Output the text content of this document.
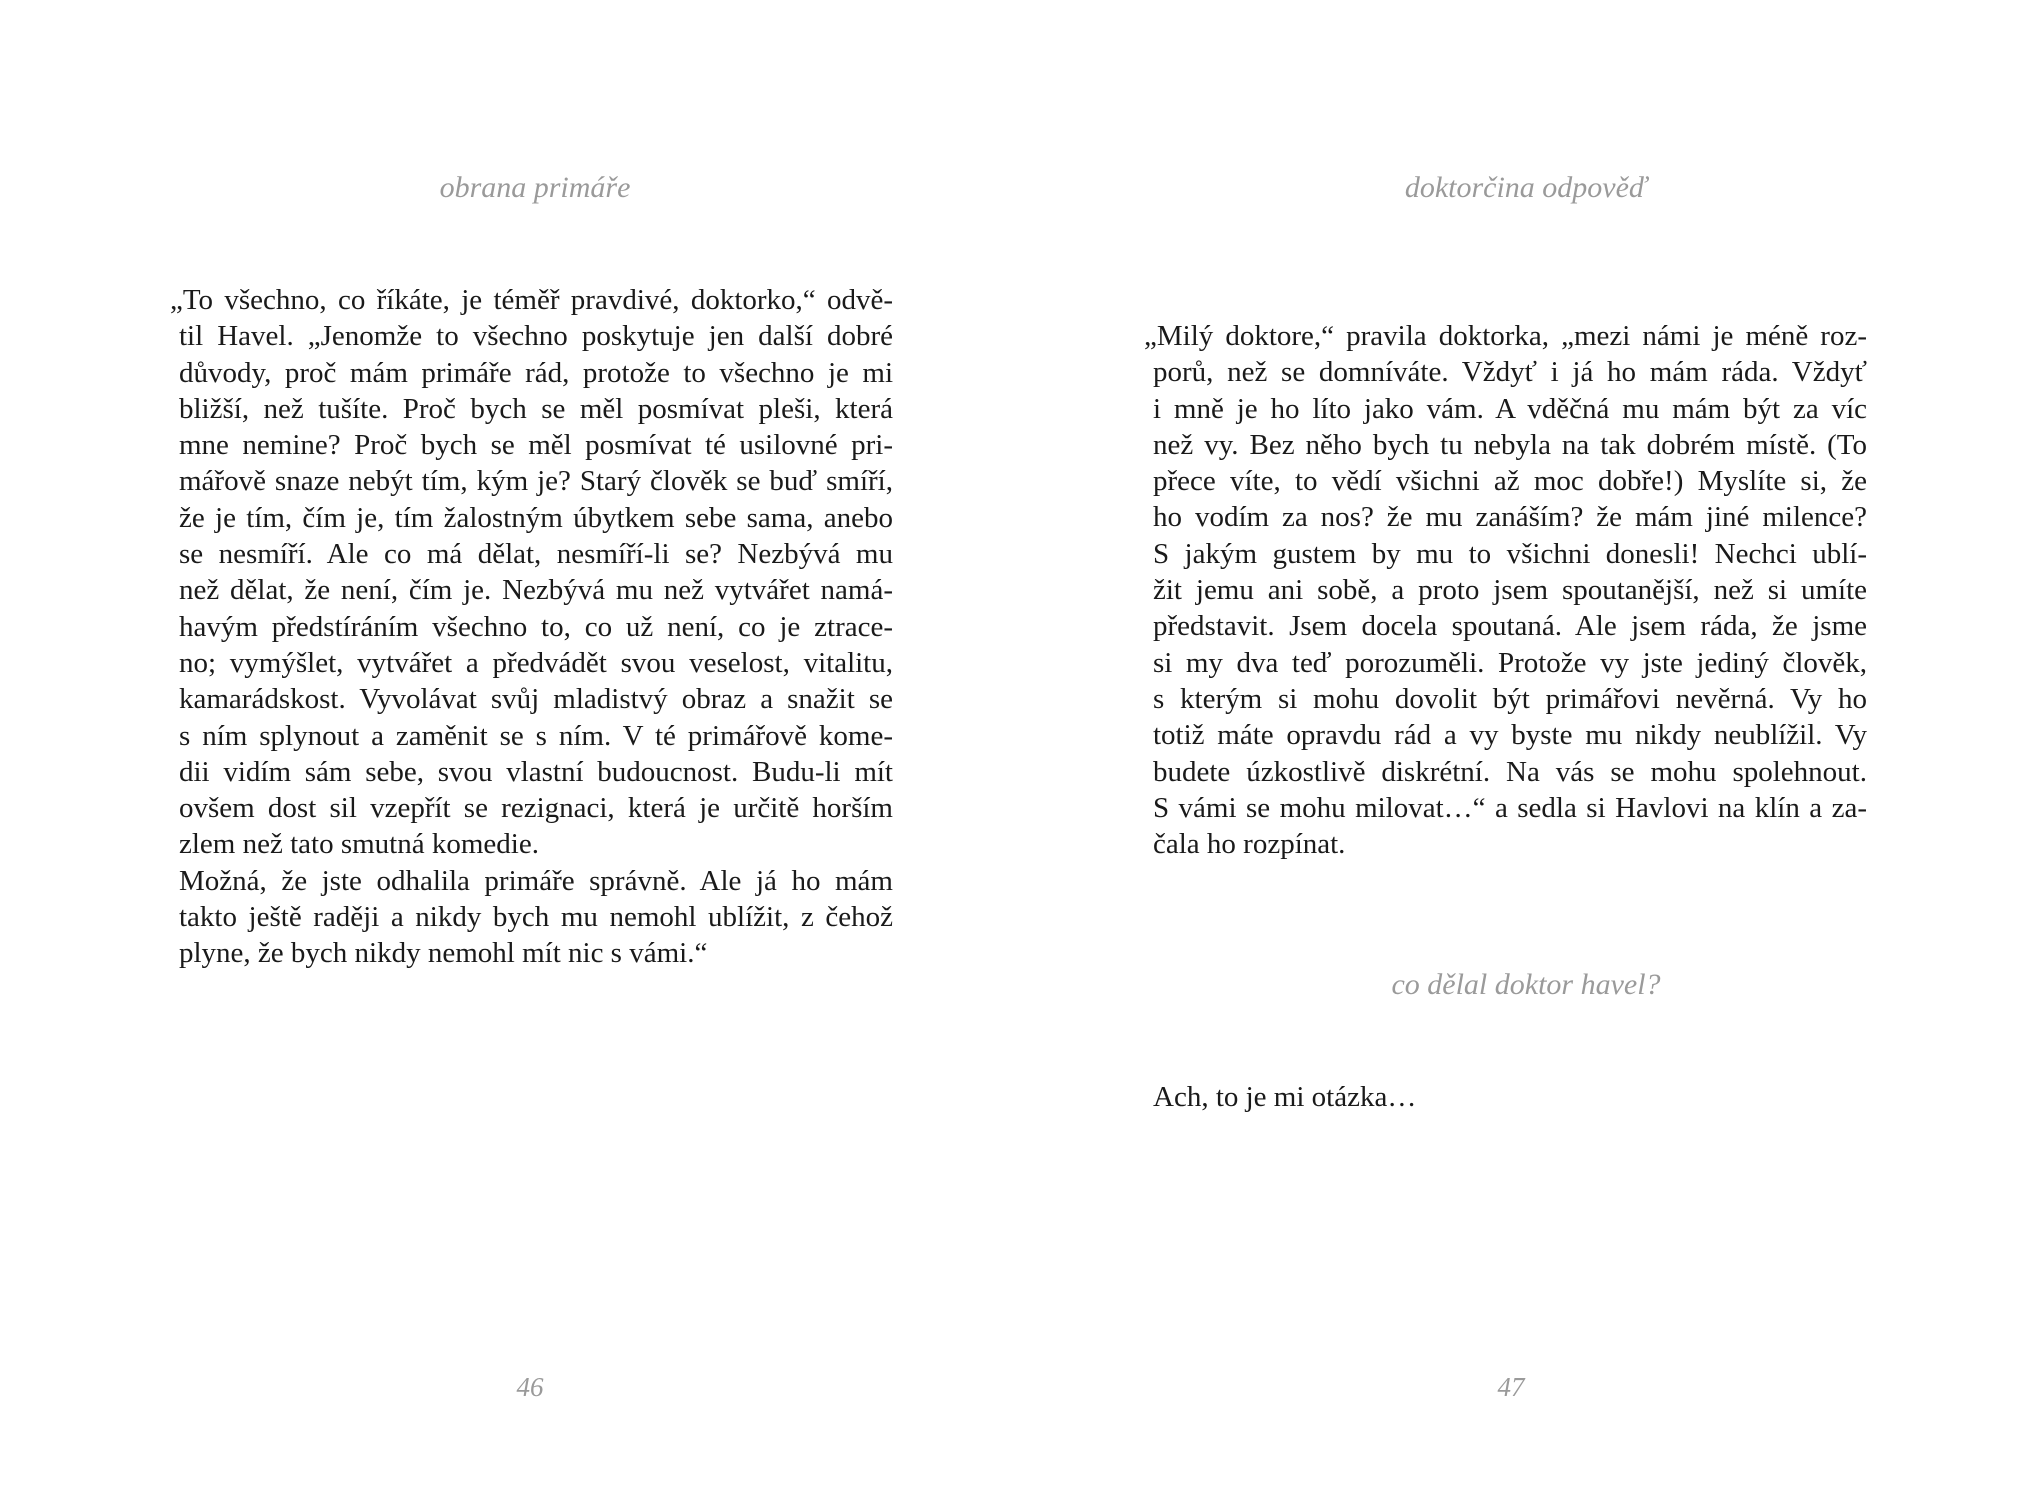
obrana primáře
„To všechno, co říkáte, je téměř pravdivé, doktorko,“ odvě-
til Havel. „Jenomže to všechno poskytuje jen další dobré
důvody, proč mám primáře rád, protože to všechno je mi
bližší, než tušíte. Proč bych se měl posmívat pleši, která
mne nemine? Proč bych se měl posmívat té usilovné pri-
mářově snaze nebýt tím, kým je? Starý člověk se buď smíří,
že je tím, čím je, tím žalostným úbytkem sebe sama, anebo
se nesmíří. Ale co má dělat, nesmíří-li se? Nezbývá mu
než dělat, že není, čím je. Nezbývá mu než vytvářet namá-
havým předstíráním všechno to, co už není, co je ztrace-
no; vymýšlet, vytvářet a předvádět svou veselost, vitalitu,
kamarádskost. Vyvolávat svůj mladistvý obraz a snažit se
s ním splynout a zaměnit se s ním. V té primářově kome-
dii vidím sám sebe, svou vlastní budoucnost. Budu-li mít
ovšem dost sil vzepřít se rezignaci, která je určitě horším
zlem než tato smutná komedie.
Možná, že jste odhalila primáře správně. Ale já ho mám
takto ještě raději a nikdy bych mu nemohl ublížit, z čehož
plyne, že bych nikdy nemohl mít nic s vámi.“
46
doktorčina odpověď
„Milý doktore,“ pravila doktorka, „mezi námi je méně roz-
porů, než se domníváte. Vždyť i já ho mám ráda. Vždyť
i mně je ho líto jako vám. A vděčná mu mám být za víc
než vy. Bez něho bych tu nebyla na tak dobrém místě. (To
přece víte, to vědí všichni až moc dobře!) Myslíte si, že
ho vodím za nos? že mu zanáším? že mám jiné milence?
S jakým gustem by mu to všichni donesli! Nechci ublí-
žit jemu ani sobě, a proto jsem spoutanější, než si umíte
představit. Jsem docela spoutaná. Ale jsem ráda, že jsme
si my dva teď porozuměli. Protože vy jste jediný člověk,
s kterým si mohu dovolit být primářovi nevěrná. Vy ho
totiž máte opravdu rád a vy byste mu nikdy neublížil. Vy
budete úzkostlivě diskrétní. Na vás se mohu spolehnout.
S vámi se mohu milovat…“ a sedla si Havlovi na klín a za-
čala ho rozpínat.
co dělal doktor havel?
Ach, to je mi otázka…
47
